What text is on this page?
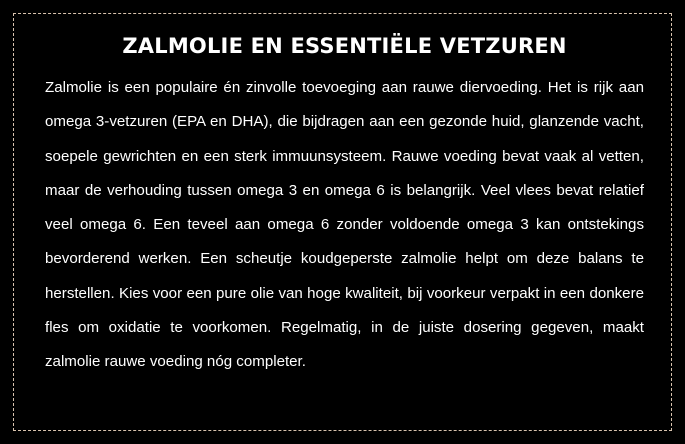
ZALMOLIE EN ESSENTIËLE VETZUREN

Zalmolie is een populaire én zinvolle toevoeging aan rauwe diervoeding. Het is rijk aan omega 3-vetzuren (EPA en DHA), die bijdragen aan een gezonde huid, glanzende vacht, soepele gewrichten en een sterk immuunsysteem. Rauwe voeding bevat vaak al vetten, maar de verhouding tussen omega 3 en omega 6 is belangrijk. Veel vlees bevat relatief veel omega 6. Een teveel aan omega 6 zonder voldoende omega 3 kan ontstekings bevorderend werken. Een scheutje koudgeperste zalmolie helpt om deze balans te herstellen. Kies voor een pure olie van hoge kwaliteit, bij voorkeur verpakt in een donkere fles om oxidatie te voorkomen. Regelmatig, in de juiste dosering gegeven, maakt zalmolie rauwe voeding nóg completer.
